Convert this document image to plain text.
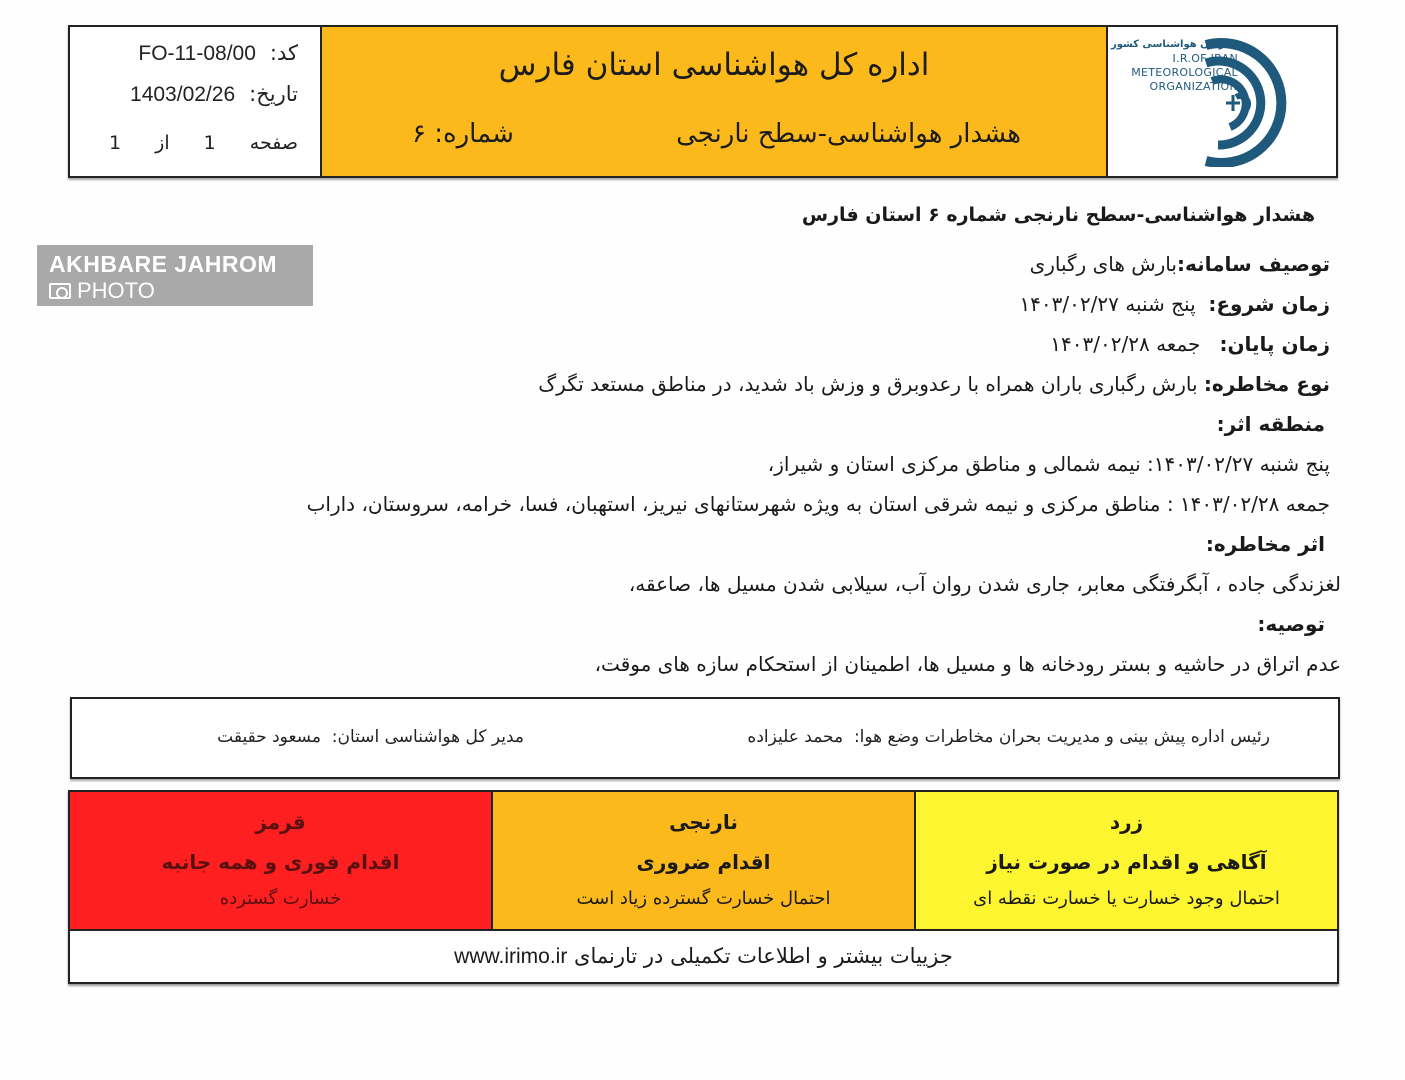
کد:FO-11-08/00
تاریخ:1403/02/26
صفحه 1 از 1
اداره کل هواشناسی استان فارس
هشدار هواشناسی-سطح نارنجی
شماره: ۶
سازمان هواشناسی کشور
I.R.OF IRAN
METEOROLOGICAL
ORGANIZATION
AKHBARE JAHROM
PHOTO
هشدار هواشناسی-سطح نارنجی شماره ۶ استان فارس
توصیف سامانه:بارش های رگباری
زمان شروع:  پنج شنبه ۱۴۰۳/۰۲/۲۷
زمان پایان:   جمعه ۱۴۰۳/۰۲/۲۸
نوع مخاطره: بارش رگباری باران همراه با رعدوبرق و وزش باد شدید، در مناطق مستعد تگرگ
منطقه اثر:
پنج شنبه ۱۴۰۳/۰۲/۲۷: نیمه شمالی و مناطق مرکزی استان و شیراز،
جمعه ۱۴۰۳/۰۲/۲۸ : مناطق مرکزی و نیمه شرقی استان به ویژه شهرستانهای نیریز، استهبان، فسا، خرامه، سروستان، داراب
اثر مخاطره:
لغزندگی جاده ، آبگرفتگی معابر، جاری شدن روان آب، سیلابی شدن مسیل ها، صاعقه،
توصیه:
عدم اتراق در حاشیه و بستر رودخانه ها و مسیل ها، اطمینان از استحکام سازه های موقت،
رئیس اداره پیش بینی و مدیریت بحران مخاطرات وضع هوا:  محمد علیزاده
مدیر کل هواشناسی استان:  مسعود حقیقت
قرمز
اقدام فوری و همه جانبه
خسارت گسترده
نارنجی
اقدام ضروری
احتمال خسارت گسترده زیاد است
زرد
آگاهی و اقدام در صورت نیاز
احتمال وجود خسارت یا خسارت نقطه ای
جزییات بیشتر و اطلاعات تکمیلی در تارنمای www.irimo.ir
